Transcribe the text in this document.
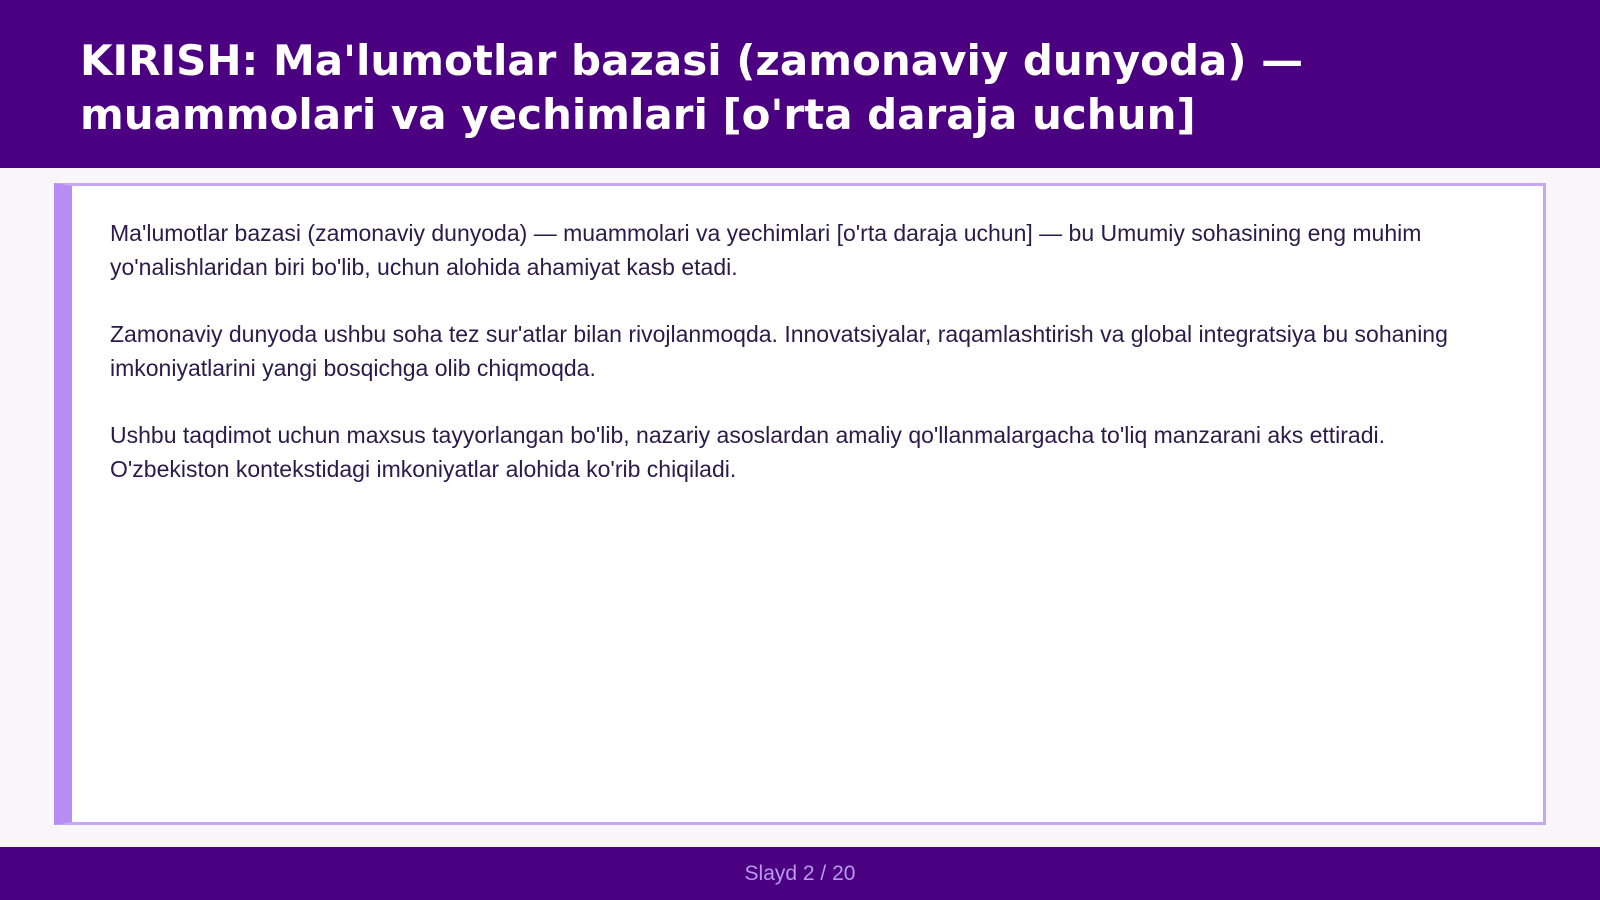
KIRISH: Ma'lumotlar bazasi (zamonaviy dunyoda) — muammolari va yechimlari [o'rta daraja uchun]

Ma'lumotlar bazasi (zamonaviy dunyoda) — muammolari va yechimlari [o'rta daraja uchun] — bu Umumiy sohasining eng muhim yo'nalishlaridan biri bo'lib, uchun alohida ahamiyat kasb etadi.

Zamonaviy dunyoda ushbu soha tez sur'atlar bilan rivojlanmoqda. Innovatsiyalar, raqamlashtirish va global integratsiya bu sohaning imkoniyatlarini yangi bosqichga olib chiqmoqda.

Ushbu taqdimot uchun maxsus tayyorlangan bo'lib, nazariy asoslardan amaliy qo'llanmalargacha to'liq manzarani aks ettiradi. O'zbekiston kontekstidagi imkoniyatlar alohida ko'rib chiqiladi.

Slayd 2 / 20
